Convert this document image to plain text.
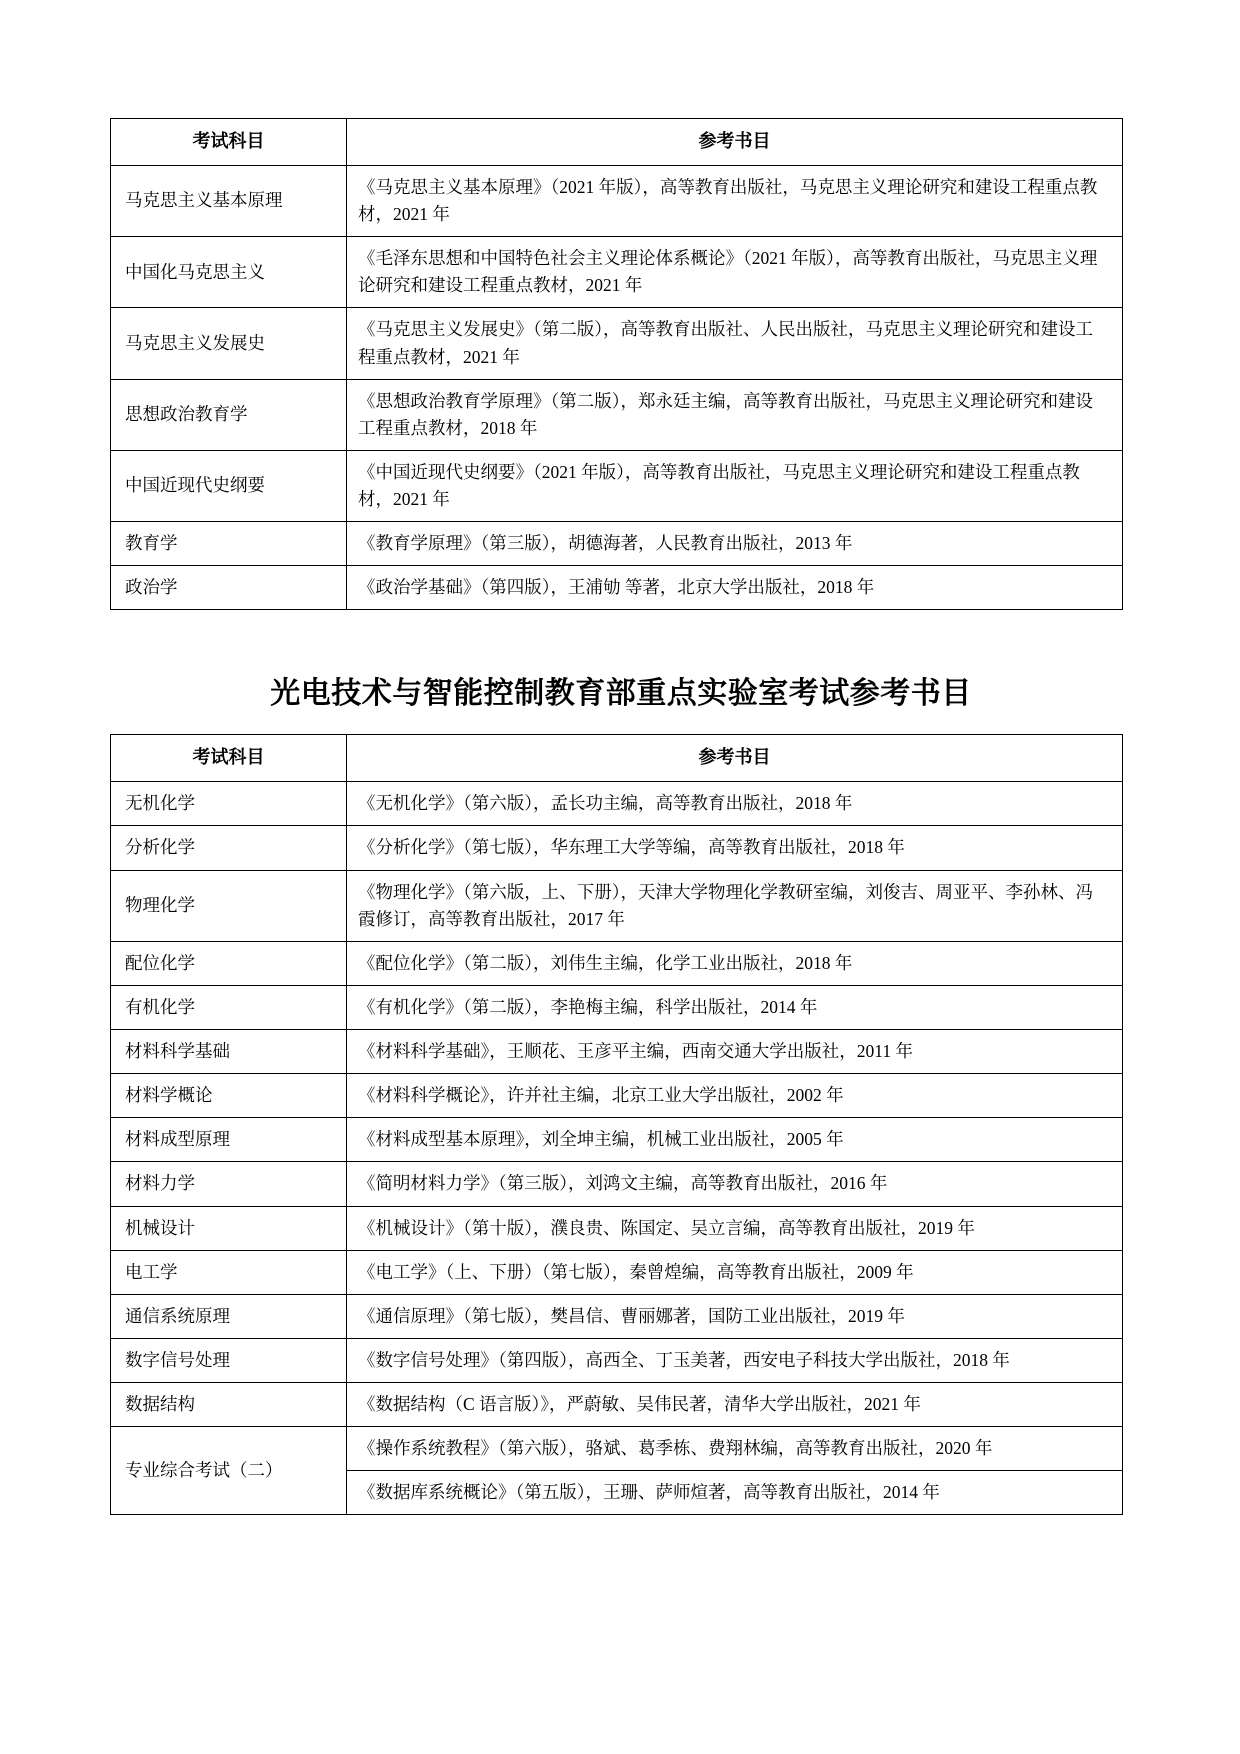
考试科目	参考书目
马克思主义基本原理	《马克思主义基本原理》（2021 年版），高等教育出版社，马克思主义理论研究和建设工程重点教材，2021 年
中国化马克思主义	《毛泽东思想和中国特色社会主义理论体系概论》（2021 年版），高等教育出版社，马克思主义理论研究和建设工程重点教材，2021 年
马克思主义发展史	《马克思主义发展史》（第二版），高等教育出版社、人民出版社，马克思主义理论研究和建设工程重点教材，2021 年
思想政治教育学	《思想政治教育学原理》（第二版），郑永廷主编，高等教育出版社，马克思主义理论研究和建设工程重点教材，2018 年
中国近现代史纲要	《中国近现代史纲要》（2021 年版），高等教育出版社，马克思主义理论研究和建设工程重点教材，2021 年
教育学	《教育学原理》（第三版），胡德海著，人民教育出版社，2013 年
政治学	《政治学基础》（第四版），王浦劬 等著，北京大学出版社，2018 年
光电技术与智能控制教育部重点实验室考试参考书目
考试科目	参考书目
无机化学	《无机化学》（第六版），孟长功主编，高等教育出版社，2018 年
分析化学	《分析化学》（第七版），华东理工大学等编，高等教育出版社，2018 年
物理化学	《物理化学》（第六版，上、下册），天津大学物理化学教研室编，刘俊吉、周亚平、李孙林、冯霞修订，高等教育出版社，2017 年
配位化学	《配位化学》（第二版），刘伟生主编，化学工业出版社，2018 年
有机化学	《有机化学》（第二版），李艳梅主编，科学出版社，2014 年
材料科学基础	《材料科学基础》，王顺花、王彦平主编，西南交通大学出版社，2011 年
材料学概论	《材料科学概论》，许并社主编，北京工业大学出版社，2002 年
材料成型原理	《材料成型基本原理》，刘全坤主编，机械工业出版社，2005 年
材料力学	《简明材料力学》（第三版），刘鸿文主编，高等教育出版社，2016 年
机械设计	《机械设计》（第十版），濮良贵、陈国定、吴立言编，高等教育出版社，2019 年
电工学	《电工学》（上、下册）（第七版），秦曾煌编，高等教育出版社，2009 年
通信系统原理	《通信原理》（第七版），樊昌信、曹丽娜著，国防工业出版社，2019 年
数字信号处理	《数字信号处理》（第四版），高西全、丁玉美著，西安电子科技大学出版社，2018 年
数据结构	《数据结构（C 语言版）》，严蔚敏、吴伟民著，清华大学出版社，2021 年
专业综合考试（二）	《操作系统教程》（第六版），骆斌、葛季栋、费翔林编，高等教育出版社，2020 年
《数据库系统概论》（第五版），王珊、萨师煊著，高等教育出版社，2014 年
